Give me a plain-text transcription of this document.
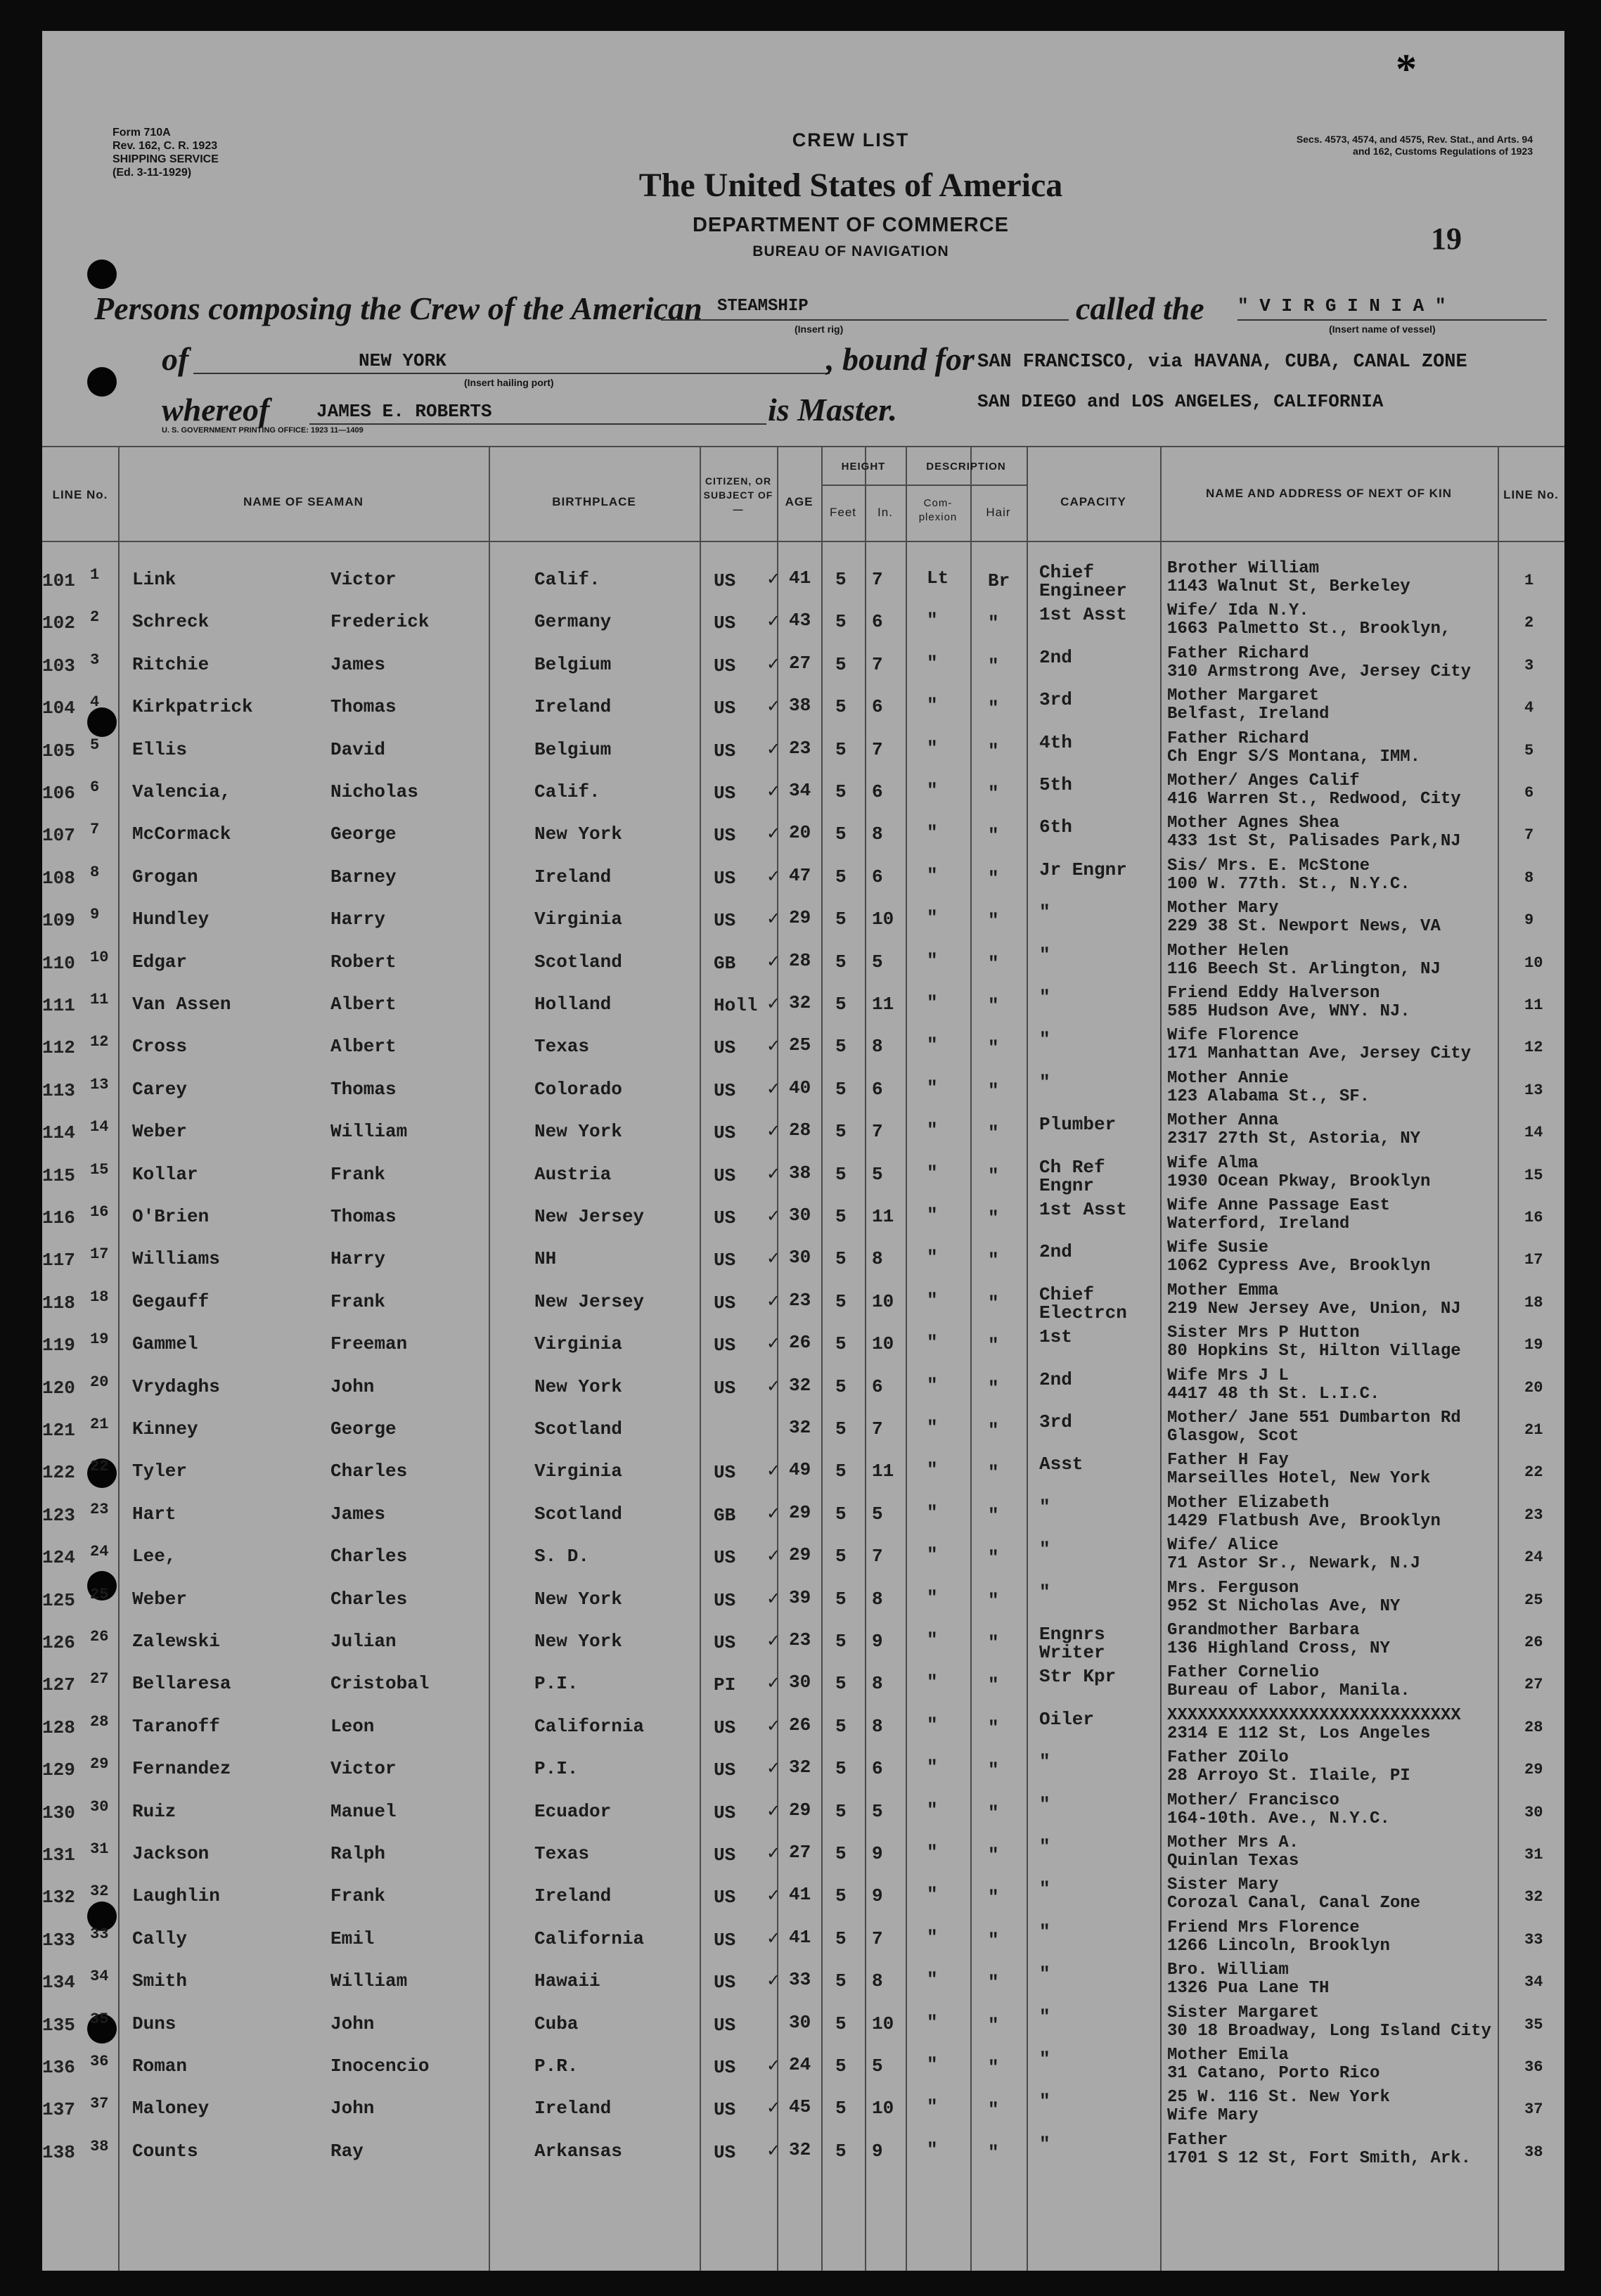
Form 710A
Rev. 162, C. R. 1923
SHIPPING SERVICE
(Ed. 3-11-1929)
CREW LIST
The United States of America
DEPARTMENT OF COMMERCE
BUREAU OF NAVIGATION
Secs. 4573, 4574, and 4575, Rev. Stat., and Arts. 94 and 162, Customs Regulations of 1923
19
*
Persons composing the Crew of the American STEAMSHIP
(Insert rig)
called the " V I R G I N I A "
(Insert name of vessel)
of	NEW YORK
(Insert hailing port)
, bound for SAN FRANCISCO, via HAVANA, CUBA, CANAL ZONE
whereof	JAMES E. ROBERTS	is Master.	SAN DIEGO and LOS ANGELES, CALIFORNIA
U. S. GOVERNMENT PRINTING OFFICE: 1923 11—1409
LINE No.
NAME OF SEAMAN	BIRTHPLACE
CITIZEN, OR SUBJECT OF—
AGE
HEIGHT
Feet	In.
DESCRIPTION
Com-plexion	Hair
CAPACITY
NAME AND ADDRESS OF NEXT OF KIN	LINE No.
101 1 Link	Victor	Calif.	US ✓ 41 5 7 Lt Br Chief
Engineer
Brother William
1143 Walnut St, Berkeley	1
102 2 Schreck	Frederick	Germany	US ✓ 43 5 6 "	" 1st Asst Wife/ Ida N.Y.
1663 Palmetto St., Brooklyn,	2
103 3 Ritchie	James	Belgium	US ✓ 27 5 7 "	" 2nd	Father Richard
310 Armstrong Ave, Jersey City	3
104 4 Kirkpatrick	Thomas	Ireland	US ✓ 38 5 6 "	" 3rd	Mother Margaret
Belfast, Ireland	4
105 5 Ellis	David	Belgium	US ✓ 23 5 7 "	" 4th	Father Richard
Ch Engr S/S Montana, IMM.	5
106 6 Valencia,	Nicholas	Calif.	US ✓ 34 5 6 "	" 5th	Mother/ Anges Calif
416 Warren St., Redwood, City	6
107 7 McCormack	George	New York	US ✓ 20 5 8 "	" 6th	Mother Agnes Shea
433 1st St, Palisades Park,NJ	7
108 8 Grogan	Barney	Ireland	US ✓ 47 5 6 "	" Jr Engnr Sis/ Mrs. E. McStone
100 W. 77th. St., N.Y.C.	8
109 9 Hundley	Harry	Virginia	US ✓ 29 5 10 "	" "	Mother Mary
229 38 St. Newport News, VA	9
110 10 Edgar	Robert	Scotland	GB ✓ 28 5 5 "	" "	Mother Helen
116 Beech St. Arlington, NJ	10
111 11 Van Assen	Albert	Holland	Holl ✓ 32 5 11 "	" "	Friend Eddy Halverson
585 Hudson Ave, WNY. NJ.	11
112 12 Cross	Albert	Texas	US ✓ 25 5 8 "	" "	Wife Florence
171 Manhattan Ave, Jersey City	12
113 13 Carey	Thomas	Colorado	US ✓ 40 5 6 "	" "	Mother Annie
123 Alabama St., SF.	13
114 14 Weber	William	New York	US ✓ 28 5 7 "	" Plumber	Mother Anna
2317 27th St, Astoria, NY	14
115 15 Kollar	Frank	Austria	US ✓ 38 5 5 "	" Ch Ref
Engnr
Wife Alma
1930 Ocean Pkway, Brooklyn	15
116 16 O'Brien	Thomas	New Jersey	US ✓ 30 5 11 "	" 1st Asst Wife Anne Passage East
Waterford, Ireland	16
117 17 Williams	Harry	NH	US ✓ 30 5 8 "	" 2nd	Wife Susie
1062 Cypress Ave, Brooklyn	17
118 18 Gegauff	Frank	New Jersey	US ✓ 23 5 10 "	" Chief
Electrcn
Mother Emma
219 New Jersey Ave, Union, NJ	18
119 19 Gammel	Freeman	Virginia	US ✓ 26 5 10 "	" 1st	Sister Mrs P Hutton
80 Hopkins St, Hilton Village	19
120 20 Vrydaghs	John	New York	US ✓ 32 5 6 "	" 2nd	Wife Mrs J L
4417 48 th St. L.I.C.	20
121 21 Kinney	George	Scotland	32 5 7 "	" 3rd	Mother/ Jane 551 Dumbarton Rd
Glasgow, Scot	21
122 22 Tyler	Charles	Virginia	US ✓ 49 5 11 "	" Asst	Father H Fay
Marseilles Hotel, New York	22
123 23 Hart	James	Scotland	GB ✓ 29 5 5 "	" "	Mother Elizabeth
1429 Flatbush Ave, Brooklyn	23
124 24 Lee,	Charles	S. D.	US ✓ 29 5 7 "	" "	Wife/ Alice
71 Astor Sr., Newark, N.J	24
125 25 Weber	Charles	New York	US ✓ 39 5 8 "	" "	Mrs. Ferguson
952 St Nicholas Ave, NY	25
126 26 Zalewski	Julian	New York	US ✓ 23 5 9 "	" Engnrs
Writer
Grandmother Barbara
136 Highland Cross, NY	26
127 27 Bellaresa	Cristobal	P.I.	PI ✓ 30 5 8 "	" Str Kpr	Father Cornelio
Bureau of Labor, Manila.	27
128 28 Taranoff	Leon	California	US ✓ 26 5 8 "	" Oiler	XXXXXXXXXXXXXXXXXXXXXXXXXXXXX
2314 E 112 St, Los Angeles	28
129 29 Fernandez	Victor	P.I.	US ✓ 32 5 6 "	" "	Father ZOilo
28 Arroyo St. Ilaile, PI	29
130 30 Ruiz	Manuel	Ecuador	US ✓ 29 5 5 "	" "	Mother/ Francisco
164-10th. Ave., N.Y.C.	30
131 31 Jackson	Ralph	Texas	US ✓ 27 5 9 "	" "	Mother Mrs A.
Quinlan Texas	31
132 32 Laughlin	Frank	Ireland	US ✓ 41 5 9 "	" "	Sister Mary
Corozal Canal, Canal Zone	32
133 33 Cally	Emil	California	US ✓ 41 5 7 "	" "	Friend Mrs Florence
1266 Lincoln, Brooklyn	33
134 34 Smith	William	Hawaii	US ✓ 33 5 8 "	" "	Bro. William
1326 Pua Lane TH	34
135 35 Duns	John	Cuba	US	30 5 10 "	" "	Sister Margaret
30 18 Broadway, Long Island City 35
136 36 Roman	Inocencio	P.R.	US ✓ 24 5 5 "	" "	Mother Emila
31 Catano, Porto Rico	36
137 37 Maloney	John	Ireland	US ✓ 45 5 10 "	" "	25 W. 116 St. New York
Wife Mary	37
138 38 Counts	Ray	Arkansas	US ✓ 32 5 9 "	" "	Father
1701 S 12 St, Fort Smith, Ark.	38
